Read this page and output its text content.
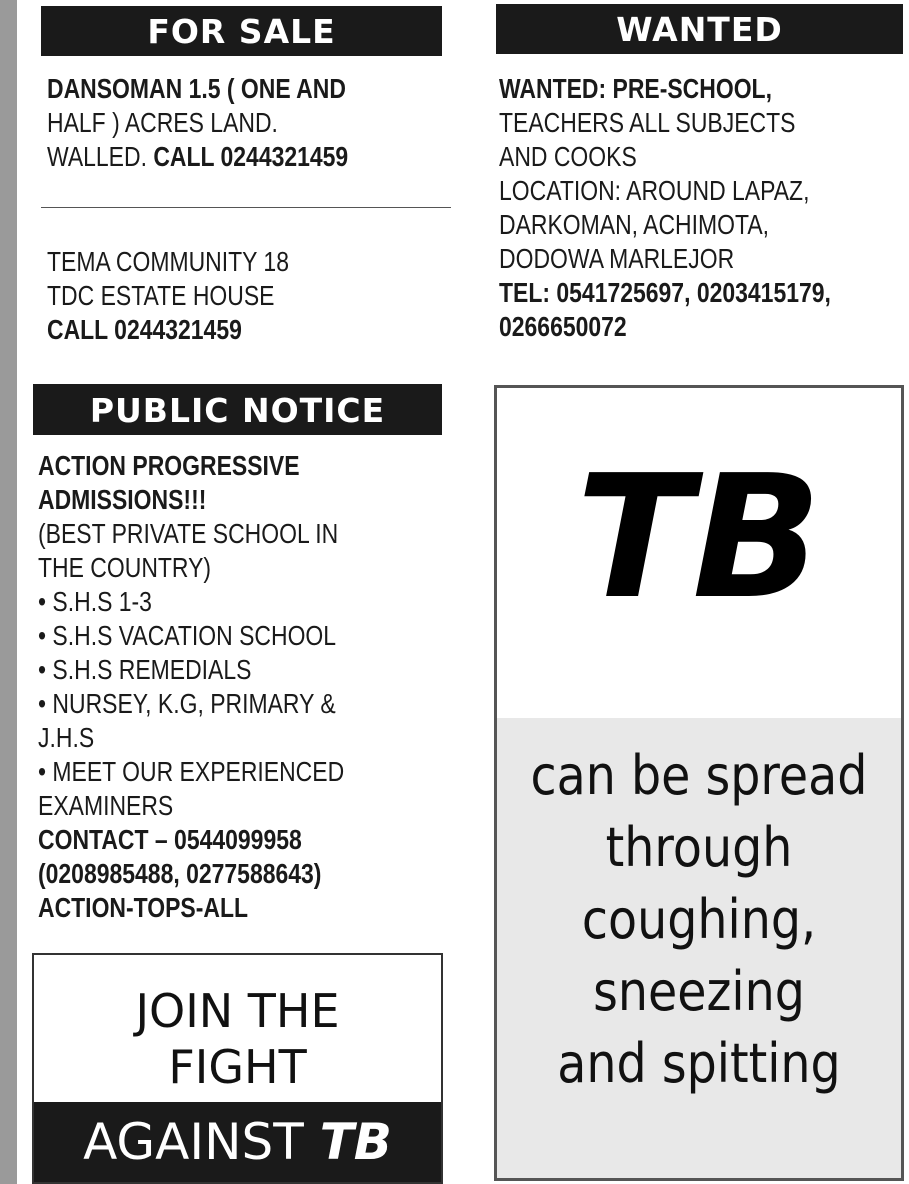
FOR SALE
DANSOMAN 1.5 ( ONE AND
HALF ) ACRES LAND.
WALLED. CALL 0244321459
TEMA COMMUNITY 18
TDC ESTATE HOUSE
CALL 0244321459
WANTED
WANTED: PRE-SCHOOL,
TEACHERS ALL SUBJECTS
AND COOKS
LOCATION: AROUND LAPAZ,
DARKOMAN, ACHIMOTA,
DODOWA MARLEJOR
TEL: 0541725697, 0203415179,
0266650072
PUBLIC NOTICE
ACTION PROGRESSIVE
ADMISSIONS!!!
(BEST PRIVATE SCHOOL IN
THE COUNTRY)
• S.H.S 1-3
• S.H.S VACATION SCHOOL
• S.H.S REMEDIALS
• NURSEY, K.G, PRIMARY &
J.H.S
• MEET OUR EXPERIENCED
EXAMINERS
CONTACT – 0544099958
(0208985488, 0277588643)
ACTION-TOPS-ALL
JOIN THE
FIGHT
AGAINST TB
TB
can be spread
through
coughing,
sneezing
and spitting
